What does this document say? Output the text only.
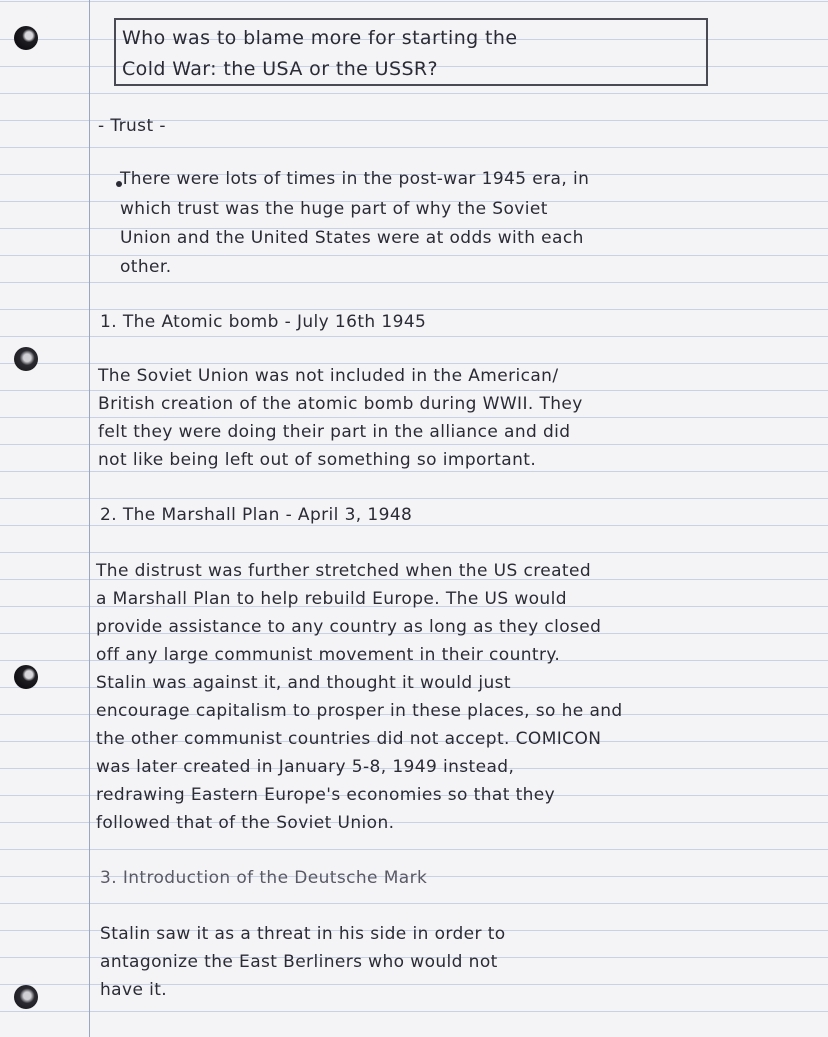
Who was to blame more for starting the
Cold War: the USA or the USSR?
- Trust -
There were lots of times in the post-war 1945 era, in
which trust was the huge part of why the Soviet
Union and the United States were at odds with each
other.
1. The Atomic bomb - July 16th 1945
The Soviet Union was not included in the American/
British creation of the atomic bomb during WWII. They
felt they were doing their part in the alliance and did
not like being left out of something so important.
2. The Marshall Plan - April 3, 1948
The distrust was further stretched when the US created
a Marshall Plan to help rebuild Europe. The US would
provide assistance to any country as long as they closed
off any large communist movement in their country.
Stalin was against it, and thought it would just
encourage capitalism to prosper in these places, so he and
the other communist countries did not accept. COMICON
was later created in January 5-8, 1949 instead,
redrawing Eastern Europe's economies so that they
followed that of the Soviet Union.
3. Introduction of the Deutsche Mark
Stalin saw it as a threat in his side in order to
antagonize the East Berliners who would not
have it.
